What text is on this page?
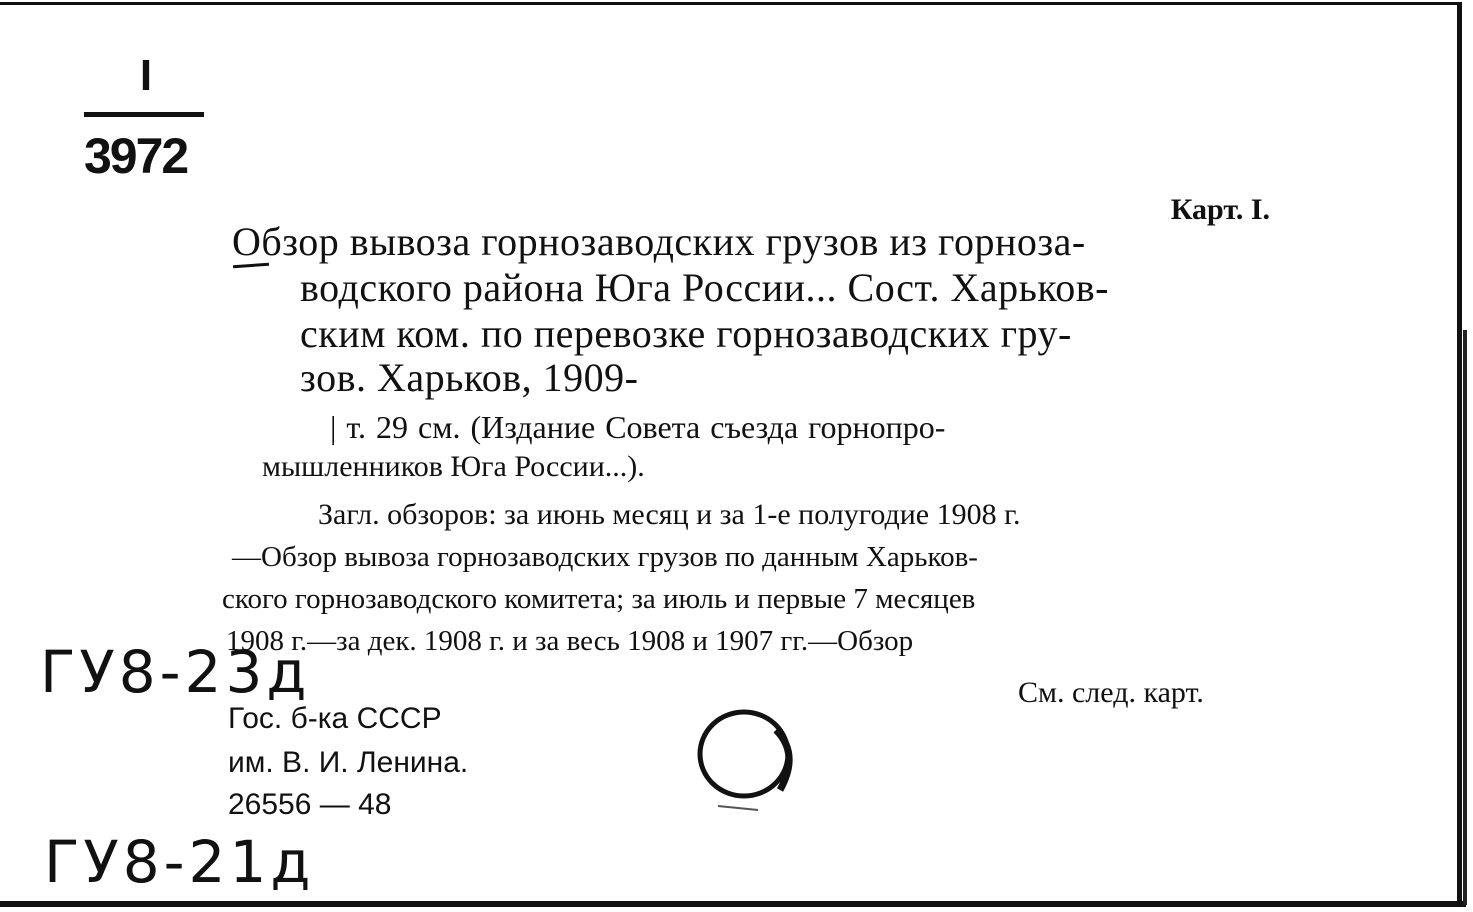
I
3972
Карт. I.
Обзор вывоза горнозаводских грузов из горноза-
водского района Юга России... Сост. Харьков-
ским ком. по перевозке горнозаводских гру-
зов. Харьков, 1909-
| т. 29 см. (Издание Совета съезда горнопро-
мышленников Юга России...).
Загл. обзоров: за июнь месяц и за 1-е полугодие 1908 г.
—Обзор вывоза горнозаводских грузов по данным Харьков-
ского горнозаводского комитета; за июль и первые 7 месяцев
1908 г.—за дек. 1908 г. и за весь 1908 и 1907 гг.—Обзор
См. след. карт.
Гос. б-ка СССР
им. В. И. Ленина.
26556 — 48
ГУ8-23д
ГУ8-21д
